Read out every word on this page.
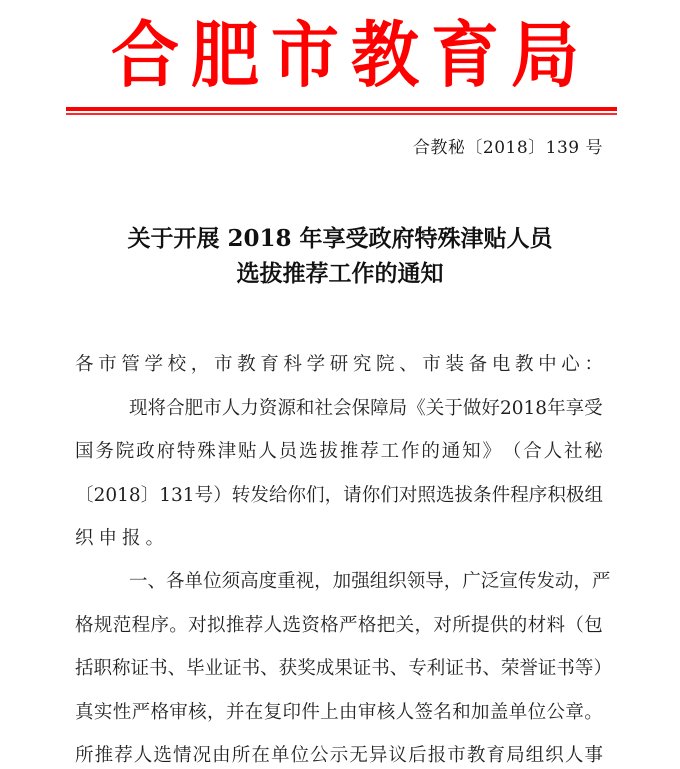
合 肥 市 教 育 局
合教秘〔2018〕139 号
关于开展 2018 年享受政府特殊津贴人员
选拔推荐工作的通知
各 市 管 学 校 ， 市 教 育 科 学 研 究 院 、 市 装 备 电 教 中 心 ：
现 将 合 肥 市 人 力 资 源 和 社 会 保 障 局 《 关 于 做 好 2018 年 享 受
国 务 院 政 府 特 殊 津 贴 人 员 选 拔 推 荐 工 作 的 通 知 》 （ 合 人 社 秘
〔 2018 〕 131 号 ） 转 发 给 你 们 ， 请 你 们 对 照 选 拔 条 件 程 序 积 极 组
织申报。
一 、 各 单 位 须 高 度 重 视 ， 加 强 组 织 领 导 ， 广 泛 宣 传 发 动 ， 严
格 规 范 程 序 。 对 拟 推 荐 人 选 资 格 严 格 把 关 ， 对 所 提 供 的 材 料 （ 包
括 职 称 证 书 、 毕 业 证 书 、 获 奖 成 果 证 书 、 专 利 证 书 、 荣 誉 证 书 等 ）
真 实 性 严 格 审 核 ， 并 在 复 印 件 上 由 审 核 人 签 名 和 加 盖 单 位 公 章 。
所 推 荐 人 选 情 况 由 所 在 单 位 公 示 无 异 议 后 报 市 教 育 局 组 织 人 事
